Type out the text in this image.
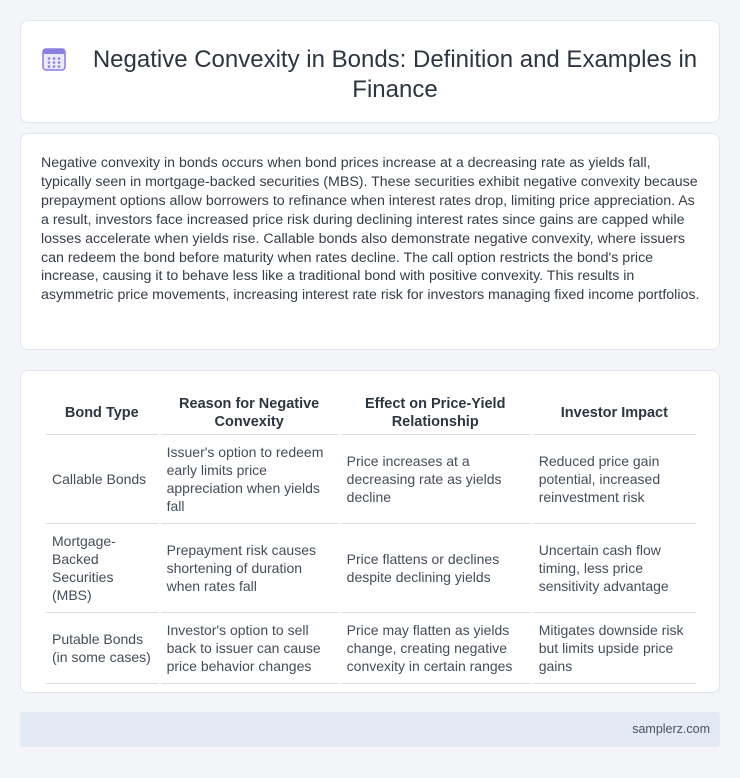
Negative Convexity in Bonds: Definition and Examples in Finance

Negative convexity in bonds occurs when bond prices increase at a decreasing rate as yields fall, typically seen in mortgage-backed securities (MBS). These securities exhibit negative convexity because prepayment options allow borrowers to refinance when interest rates drop, limiting price appreciation. As a result, investors face increased price risk during declining interest rates since gains are capped while losses accelerate when yields rise. Callable bonds also demonstrate negative convexity, where issuers can redeem the bond before maturity when rates decline. The call option restricts the bond's price increase, causing it to behave less like a traditional bond with positive convexity. This results in asymmetric price movements, increasing interest rate risk for investors managing fixed income portfolios.

Bond Type	Reason for Negative Convexity	Effect on Price-Yield Relationship	Investor Impact
Callable Bonds	Issuer's option to redeem early limits price appreciation when yields fall	Price increases at a decreasing rate as yields decline	Reduced price gain potential, increased reinvestment risk
Mortgage-Backed Securities (MBS)	Prepayment risk causes shortening of duration when rates fall	Price flattens or declines despite declining yields	Uncertain cash flow timing, less price sensitivity advantage
Putable Bonds (in some cases)	Investor's option to sell back to issuer can cause price behavior changes	Price may flatten as yields change, creating negative convexity in certain ranges	Mitigates downside risk but limits upside price gains
samplerz.com
